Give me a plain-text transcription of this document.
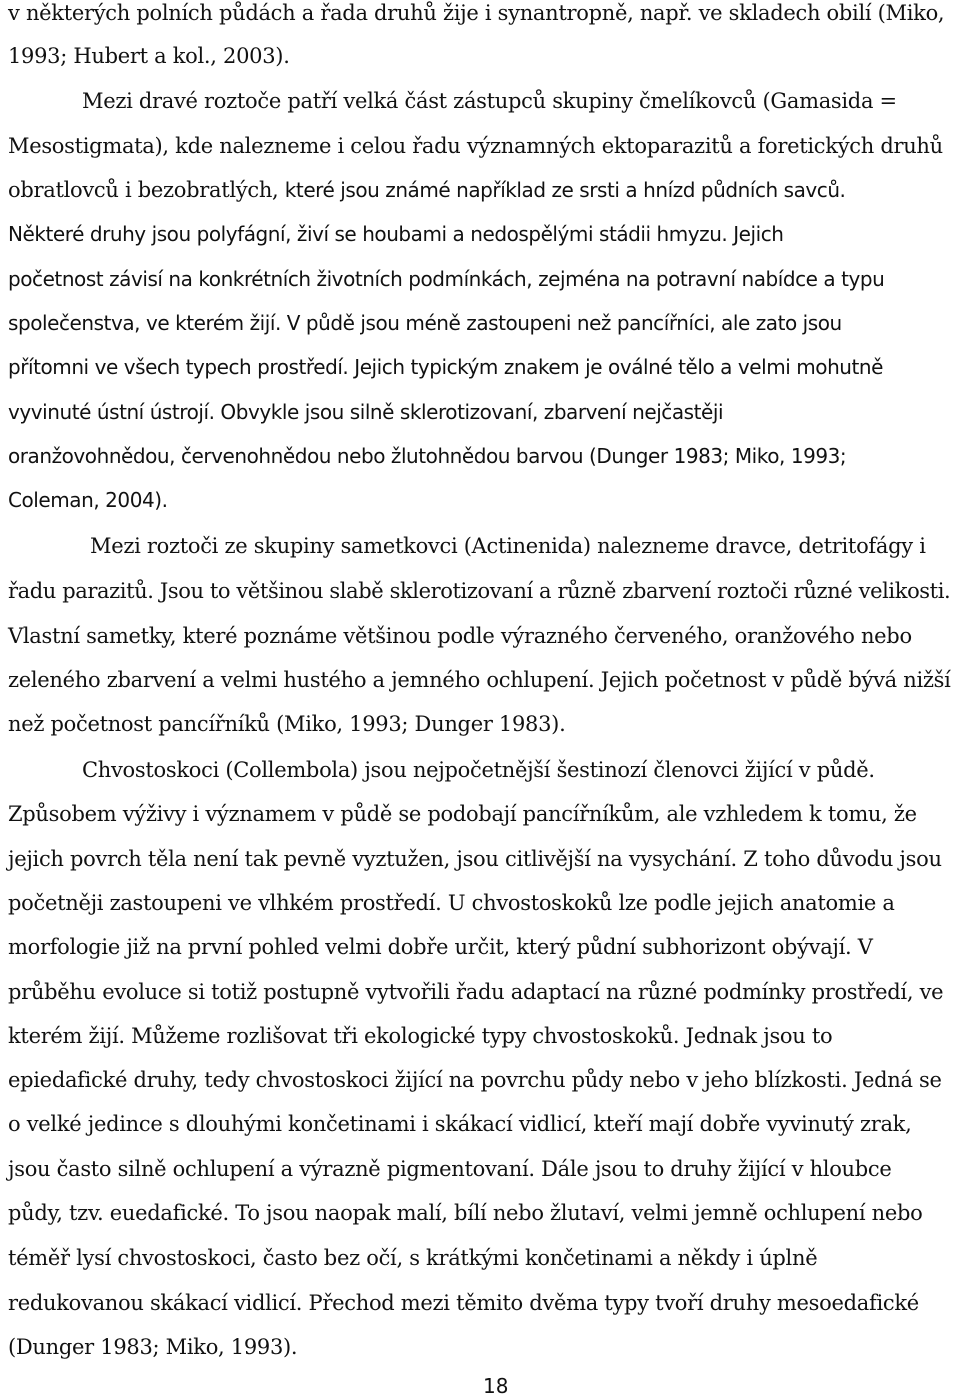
v některých polních půdách a řada druhů žije i synantropně, např. ve skladech obilí (Miko,
1993; Hubert a kol., 2003).
Mezi dravé roztoče patří velká část zástupců skupiny čmelíkovců (Gamasida =
Mesostigmata), kde nalezneme i celou řadu významných ektoparazitů a foretických druhů
obratlovců i bezobratlých, které jsou známé například ze srsti a hnízd půdních savců.
Některé druhy jsou polyfágní, živí se houbami a nedospělými stádii hmyzu. Jejich
početnost závisí na konkrétních životních podmínkách, zejména na potravní nabídce a typu
společenstva, ve kterém žijí. V půdě jsou méně zastoupeni než pancířníci, ale zato jsou
přítomni ve všech typech prostředí. Jejich typickým znakem je oválné tělo a velmi mohutně
vyvinuté ústní ústrojí. Obvykle jsou silně sklerotizovaní, zbarvení nejčastěji
oranžovohnědou, červenohnědou nebo žlutohnědou barvou (Dunger 1983; Miko, 1993;
Coleman, 2004).
Mezi roztoči ze skupiny sametkovci (Actinenida) nalezneme dravce, detritofágy i
řadu parazitů. Jsou to většinou slabě sklerotizovaní a různě zbarvení roztoči různé velikosti.
Vlastní sametky, které poznáme většinou podle výrazného červeného, oranžového nebo
zeleného zbarvení a velmi hustého a jemného ochlupení. Jejich početnost v půdě bývá nižší
než početnost pancířníků (Miko, 1993; Dunger 1983).
Chvostoskoci (Collembola) jsou nejpočetnější šestinozí členovci žijící v půdě.
Způsobem výživy i významem v půdě se podobají pancířníkům, ale vzhledem k tomu, že
jejich povrch těla není tak pevně vyztužen, jsou citlivější na vysychání. Z toho důvodu jsou
početněji zastoupeni ve vlhkém prostředí. U chvostoskoků lze podle jejich anatomie a
morfologie již na první pohled velmi dobře určit, který půdní subhorizont obývají. V
průběhu evoluce si totiž postupně vytvořili řadu adaptací na různé podmínky prostředí, ve
kterém žijí. Můžeme rozlišovat tři ekologické typy chvostoskoků. Jednak jsou to
epiedafické druhy, tedy chvostoskoci žijící na povrchu půdy nebo v jeho blízkosti. Jedná se
o velké jedince s dlouhými končetinami i skákací vidlicí, kteří mají dobře vyvinutý zrak,
jsou často silně ochlupení a výrazně pigmentovaní. Dále jsou to druhy žijící v hloubce
půdy, tzv. euedafické. To jsou naopak malí, bílí nebo žlutaví, velmi jemně ochlupení nebo
téměř lysí chvostoskoci, často bez očí, s krátkými končetinami a někdy i úplně
redukovanou skákací vidlicí. Přechod mezi těmito dvěma typy tvoří druhy mesoedafické
(Dunger 1983; Miko, 1993).
18
